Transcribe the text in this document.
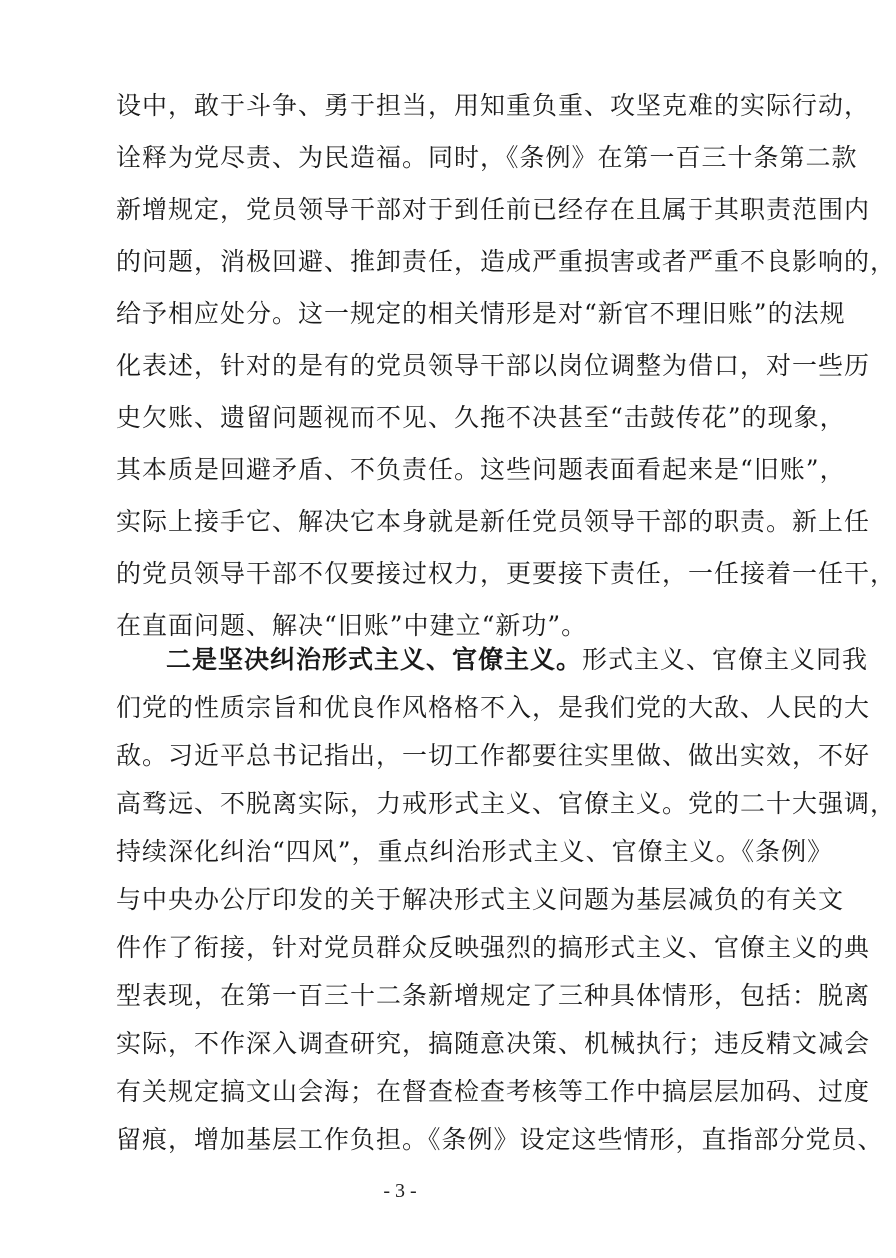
设中，敢于斗争、勇于担当，用知重负重、攻坚克难的实际行动，
诠释为党尽责、为民造福。同时，《条例》在第一百三十条第二款
新增规定，党员领导干部对于到任前已经存在且属于其职责范围内
的问题，消极回避、推卸责任，造成严重损害或者严重不良影响的，
给予相应处分。这一规定的相关情形是对“新官不理旧账”的法规
化表述，针对的是有的党员领导干部以岗位调整为借口，对一些历
史欠账、遗留问题视而不见、久拖不决甚至“击鼓传花”的现象，
其本质是回避矛盾、不负责任。这些问题表面看起来是“旧账”，
实际上接手它、解决它本身就是新任党员领导干部的职责。新上任
的党员领导干部不仅要接过权力，更要接下责任，一任接着一任干，
在直面问题、解决“旧账”中建立“新功”。
二是坚决纠治形式主义、官僚主义。形式主义、官僚主义同我
们党的性质宗旨和优良作风格格不入，是我们党的大敌、人民的大
敌。习近平总书记指出，一切工作都要往实里做、做出实效，不好
高骛远、不脱离实际，力戒形式主义、官僚主义。党的二十大强调，
持续深化纠治“四风”，重点纠治形式主义、官僚主义。《条例》
与中央办公厅印发的关于解决形式主义问题为基层减负的有关文
件作了衔接，针对党员群众反映强烈的搞形式主义、官僚主义的典
型表现，在第一百三十二条新增规定了三种具体情形，包括：脱离
实际，不作深入调查研究，搞随意决策、机械执行；违反精文减会
有关规定搞文山会海；在督查检查考核等工作中搞层层加码、过度
留痕，增加基层工作负担。《条例》设定这些情形，直指部分党员、
- 3 -
